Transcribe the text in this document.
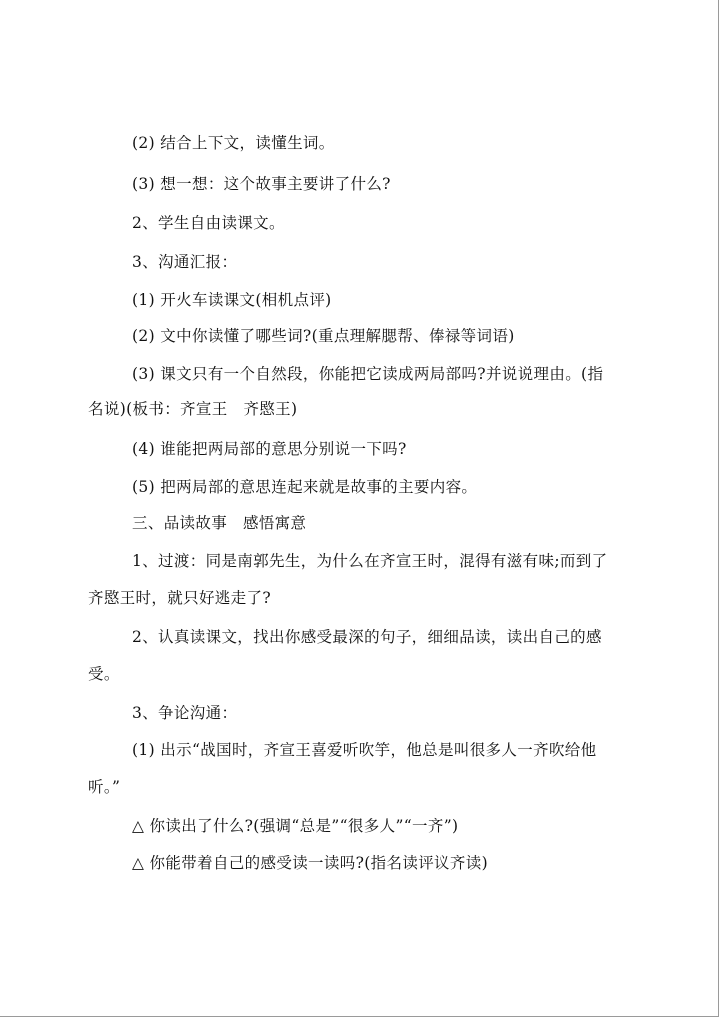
(2) 结合上下文，读懂生词。
(3) 想一想：这个故事主要讲了什么?
2、学生自由读课文。
3、沟通汇报：
(1) 开火车读课文(相机点评)
(2) 文中你读懂了哪些词?(重点理解腮帮、俸禄等词语)
(3) 课文只有一个自然段，你能把它读成两局部吗?并说说理由。(指
名说)(板书：齐宣王　齐愍王)
(4) 谁能把两局部的意思分别说一下吗?
(5) 把两局部的意思连起来就是故事的主要内容。
三、品读故事　感悟寓意
1、过渡：同是南郭先生，为什么在齐宣王时，混得有滋有味;而到了
齐愍王时，就只好逃走了?
2、认真读课文，找出你感受最深的句子，细细品读，读出自己的感
受。
3、争论沟通：
(1) 出示“战国时，齐宣王喜爱听吹竽，他总是叫很多人一齐吹给他
听。”
△ 你读出了什么?(强调“总是”“很多人”“一齐”)
△ 你能带着自己的感受读一读吗?(指名读评议齐读)
